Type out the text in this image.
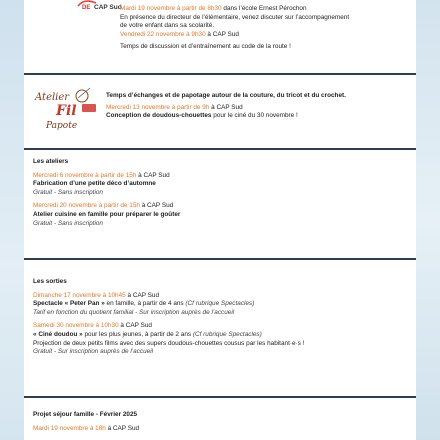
DE CAP Sud
Mardi 19 novembre à partir de 8h30 dans l’école Ernest Pérochon
En présence du directeur de l’élémentaire, venez discuter sur l’accompagnement
de votre enfant dans sa scolarité.
Vendredi 22 novembre à 9h30 à CAP Sud
Temps de discussion et d’entraînement au code de la route !
Atelier
Fil
Papote
Temps d’échanges et de papotage autour de la couture, du tricot et du crochet.
Mercredi 13 novembre à partir de 9h à CAP Sud
Conception de doudous-chouettes pour le ciné du 30 novembre !
Les ateliers
Mercredi 6 novembre à partir de 15h à CAP Sud
Fabrication d’une petite déco d’automne
Gratuit - Sans inscription
Mercredi 20 novembre à partir de 15h à CAP Sud
Atelier cuisine en famille pour préparer le goûter
Gratuit - Sans inscription
Les sorties
Dimanche 17 novembre à 10h45 à CAP Sud
Spectacle « Peter Pan » en famille, à partir de 4 ans (Cf rubrique Spectacles)
Tarif en fonction du quotient familial - Sur inscription auprès de l’accueil
Samedi 30 novembre à 10h30 à CAP Sud
« Ciné doudou » pour les plus jeunes, à partir de 2 ans (Cf rubrique Spectacles)
Projection de deux petits films avec des supers doudous-chouettes cousus par les habitant·e·s !
Gratuit - Sur inscription auprès de l’accueil
Projet séjour famille - Février 2025
Mardi 19 novembre à 18h à CAP Sud
